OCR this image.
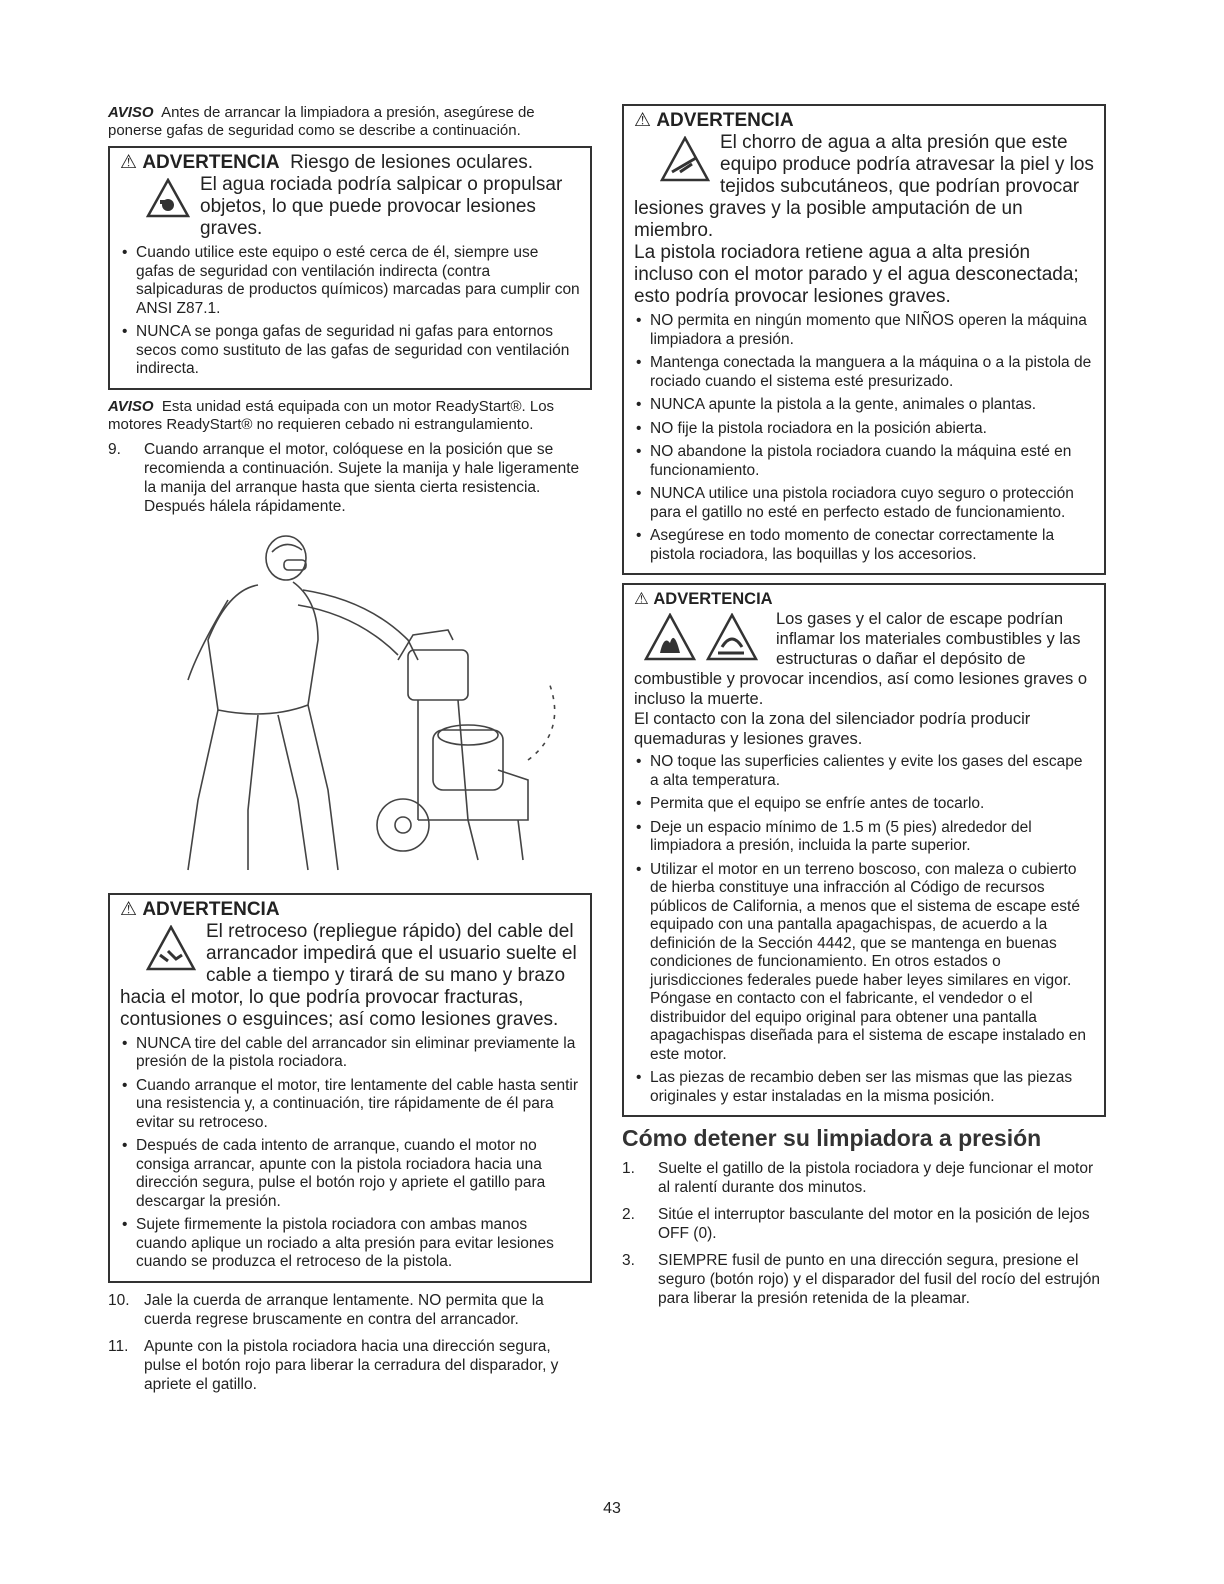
AVISO Antes de arrancar la limpiadora a presión, asegúrese de ponerse gafas de seguridad como se describe a continuación.

⚠ ADVERTENCIA Riesgo de lesiones oculares.
El agua rociada podría salpicar o propulsar objetos, lo que puede provocar lesiones graves.
• Cuando utilice este equipo o esté cerca de él, siempre use gafas de seguridad con ventilación indirecta (contra salpicaduras de productos químicos) marcadas para cumplir con ANSI Z87.1.
• NUNCA se ponga gafas de seguridad ni gafas para entornos secos como sustituto de las gafas de seguridad con ventilación indirecta.

AVISO Esta unidad está equipada con un motor ReadyStart®. Los motores ReadyStart® no requieren cebado ni estrangulamiento.

9. Cuando arranque el motor, colóquese en la posición que se recomienda a continuación. Sujete la manija y hale ligeramente la manija del arranque hasta que sienta cierta resistencia. Después hálela rápidamente.
⚠ ADVERTENCIA
El retroceso (repliegue rápido) del cable del arrancador impedirá que el usuario suelte el cable a tiempo y tirará de su mano y brazo hacia el motor, lo que podría provocar fracturas, contusiones o esguinces; así como lesiones graves.
• NUNCA tire del cable del arrancador sin eliminar previamente la presión de la pistola rociadora.
• Cuando arranque el motor, tire lentamente del cable hasta sentir una resistencia y, a continuación, tire rápidamente de él para evitar su retroceso.
• Después de cada intento de arranque, cuando el motor no consiga arrancar, apunte con la pistola rociadora hacia una dirección segura, pulse el botón rojo y apriete el gatillo para descargar la presión.
• Sujete firmemente la pistola rociadora con ambas manos cuando aplique un rociado a alta presión para evitar lesiones cuando se produzca el retroceso de la pistola.
10. Jale la cuerda de arranque lentamente. NO permita que la cuerda regrese bruscamente en contra del arrancador.
11. Apunte con la pistola rociadora hacia una dirección segura, pulse el botón rojo para liberar la cerradura del disparador, y apriete el gatillo.
⚠ ADVERTENCIA
El chorro de agua a alta presión que este equipo produce podría atravesar la piel y los tejidos subcutáneos, que podrían provocar lesiones graves y la posible amputación de un miembro.
La pistola rociadora retiene agua a alta presión incluso con el motor parado y el agua desconectada; esto podría provocar lesiones graves.
• NO permita en ningún momento que NIÑOS operen la máquina limpiadora a presión.
• Mantenga conectada la manguera a la máquina o a la pistola de rociado cuando el sistema esté presurizado.
• NUNCA apunte la pistola a la gente, animales o plantas.
• NO fije la pistola rociadora en la posición abierta.
• NO abandone la pistola rociadora cuando la máquina esté en funcionamiento.
• NUNCA utilice una pistola rociadora cuyo seguro o protección para el gatillo no esté en perfecto estado de funcionamiento.
• Asegúrese en todo momento de conectar correctamente la pistola rociadora, las boquillas y los accesorios.
⚠ ADVERTENCIA
Los gases y el calor de escape podrían inflamar los materiales combustibles y las estructuras o dañar el depósito de combustible y provocar incendios, así como lesiones graves o incluso la muerte.
El contacto con la zona del silenciador podría producir quemaduras y lesiones graves.
• NO toque las superficies calientes y evite los gases del escape a alta temperatura.
• Permita que el equipo se enfríe antes de tocarlo.
• Deje un espacio mínimo de 1.5 m (5 pies) alrededor del limpiadora a presión, incluida la parte superior.
• Utilizar el motor en un terreno boscoso, con maleza o cubierto de hierba constituye una infracción al Código de recursos públicos de California, a menos que el sistema de escape esté equipado con una pantalla apagachispas, de acuerdo a la definición de la Sección 4442, que se mantenga en buenas condiciones de funcionamiento. En otros estados o jurisdicciones federales puede haber leyes similares en vigor. Póngase en contacto con el fabricante, el vendedor o el distribuidor del equipo original para obtener una pantalla apagachispas diseñada para el sistema de escape instalado en este motor.
• Las piezas de recambio deben ser las mismas que las piezas originales y estar instaladas en la misma posición.
Cómo detener su limpiadora a presión
1. Suelte el gatillo de la pistola rociadora y deje funcionar el motor al ralentí durante dos minutos.
2. Sitúe el interruptor basculante del motor en la posición de lejos OFF (0).
3. SIEMPRE fusil de punto en una dirección segura, presione el seguro (botón rojo) y el disparador del fusil del rocío del estrujón para liberar la presión retenida de la pleamar.
43
